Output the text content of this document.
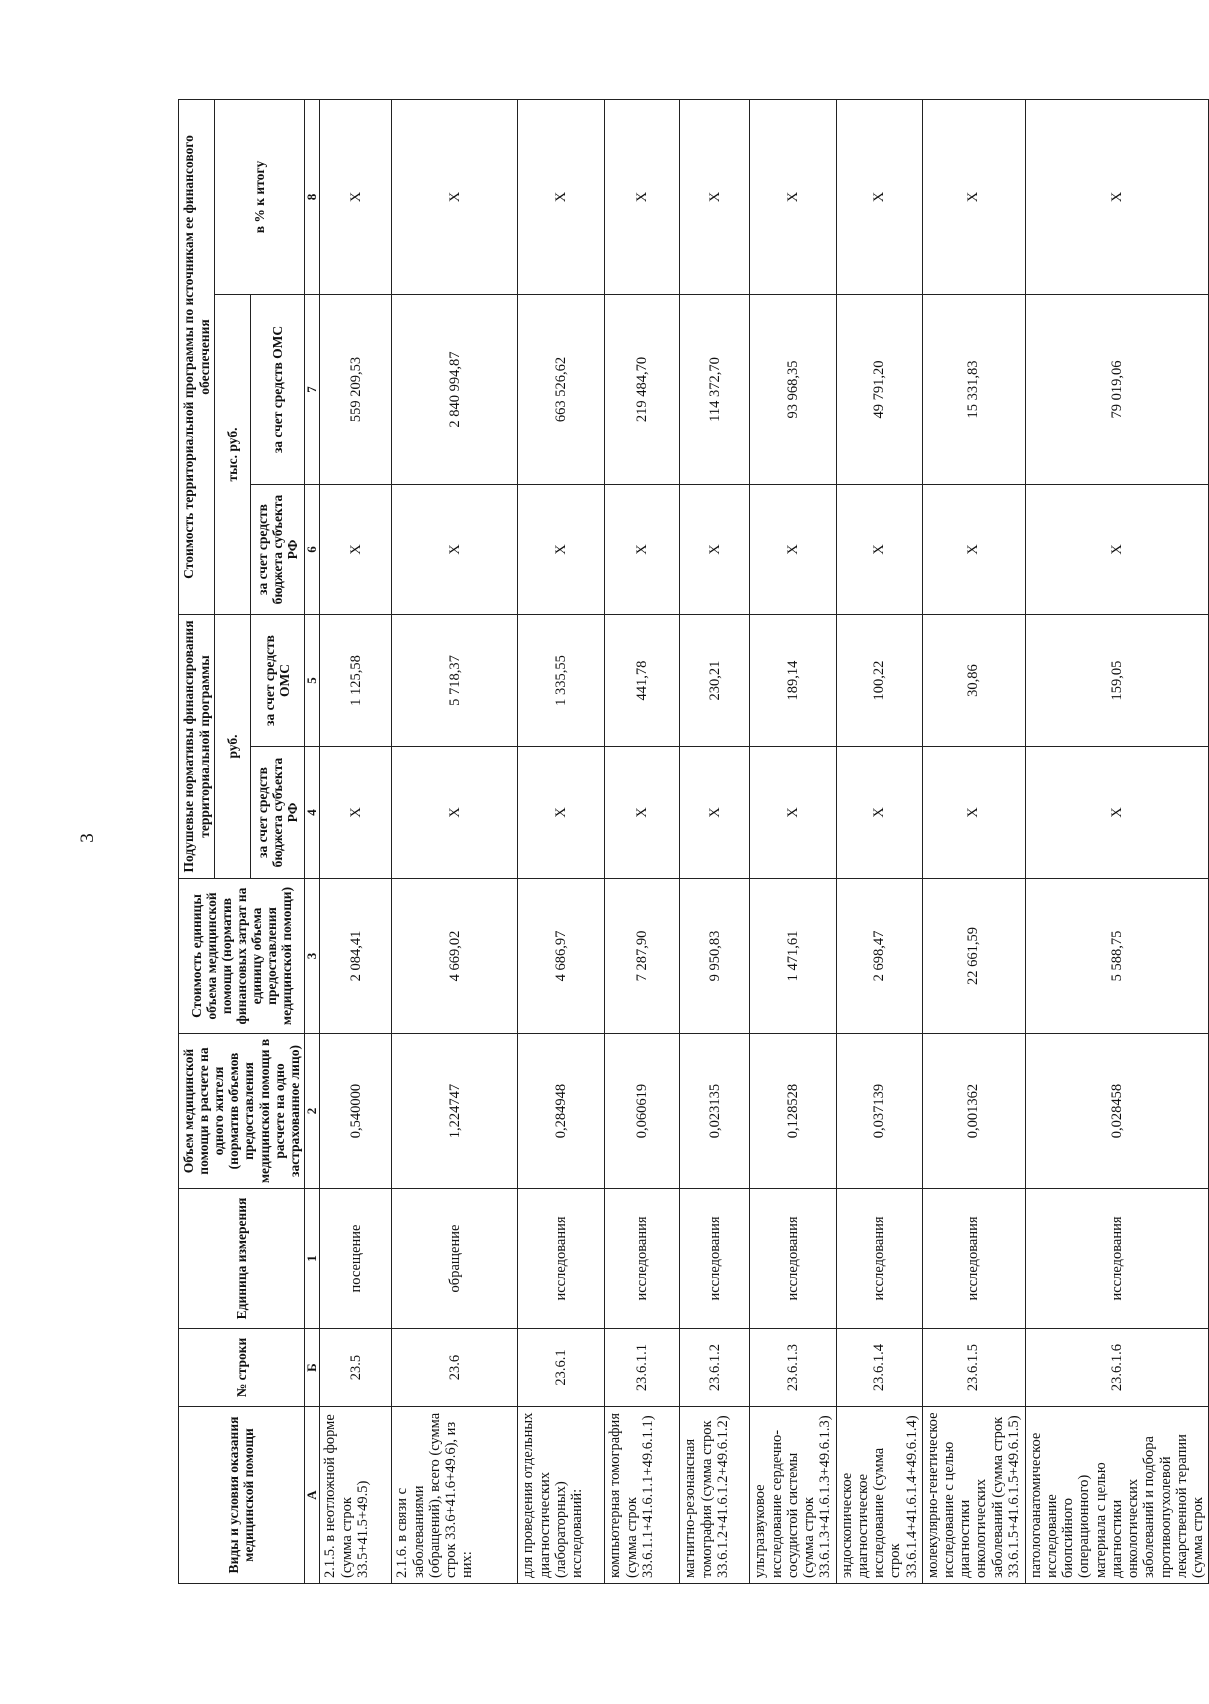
3
Виды и условия оказания медицинской помощи	№ строки	Единица измерения	Объем медицинской помощи в расчете на одного жителя (норматив объемов предоставления медицинской помощи в расчете на одно застрахованное лицо)	Стоимость единицы объема медицинской помощи (норматив финансовых затрат на единицу объема предоставления медицинской помощи)	Подушевые нормативы финансирования территориальной программы		Стоимость территориальной программы по источникам ее финансового обеспечения		
					руб.		тыс. руб.		в % к итогу
					за счет средств бюджета субъекта РФ	за счет средств ОМС	за счет средств бюджета субъекта РФ	за счет средств ОМС	
А	Б	1	2	3	4	5	6	7	8
2.1.5. в неотложной форме (сумма строк 33.5+41.5+49.5)	23.5	посещение	0,540000	2 084,41	Х	1 125,58	Х	559 209,53	Х
2.1.6. в связи с заболеваниями (обращений), всего (сумма строк 33.6+41.6+49.6), из них:	23.6	обращение	1,224747	4 669,02	Х	5 718,37	Х	2 840 994,87	Х
для проведения отдельных диагностических (лабораторных) исследований:	23.6.1	исследования	0,284948	4 686,97	Х	1 335,55	Х	663 526,62	Х
компьютерная томография (сумма строк 33.6.1.1+41.6.1.1+49.6.1.1)	23.6.1.1	исследования	0,060619	7 287,90	Х	441,78	Х	219 484,70	Х
магнитно-резонансная томография (сумма строк 33.6.1.2+41.6.1.2+49.6.1.2)	23.6.1.2	исследования	0,023135	9 950,83	Х	230,21	Х	114 372,70	Х
ультразвуковое исследование сердечно-сосудистой системы (сумма строк 33.6.1.3+41.6.1.3+49.6.1.3)	23.6.1.3	исследования	0,128528	1 471,61	Х	189,14	Х	93 968,35	Х
эндоскопическое диагностическое исследование (сумма строк 33.6.1.4+41.6.1.4+49.6.1.4)	23.6.1.4	исследования	0,037139	2 698,47	Х	100,22	Х	49 791,20	Х
молекулярно-генетическое исследование с целью диагностики онкологических заболеваний (сумма строк 33.6.1.5+41.6.1.5+49.6.1.5)	23.6.1.5	исследования	0,001362	22 661,59	Х	30,86	Х	15 331,83	Х
патологоанатомическое исследование биопсийного (операционного) материала с целью диагностики онкологических заболеваний и подбора противоопухолевой лекарственной терапии (сумма строк	23.6.1.6	исследования	0,028458	5 588,75	Х	159,05	Х	79 019,06	Х
